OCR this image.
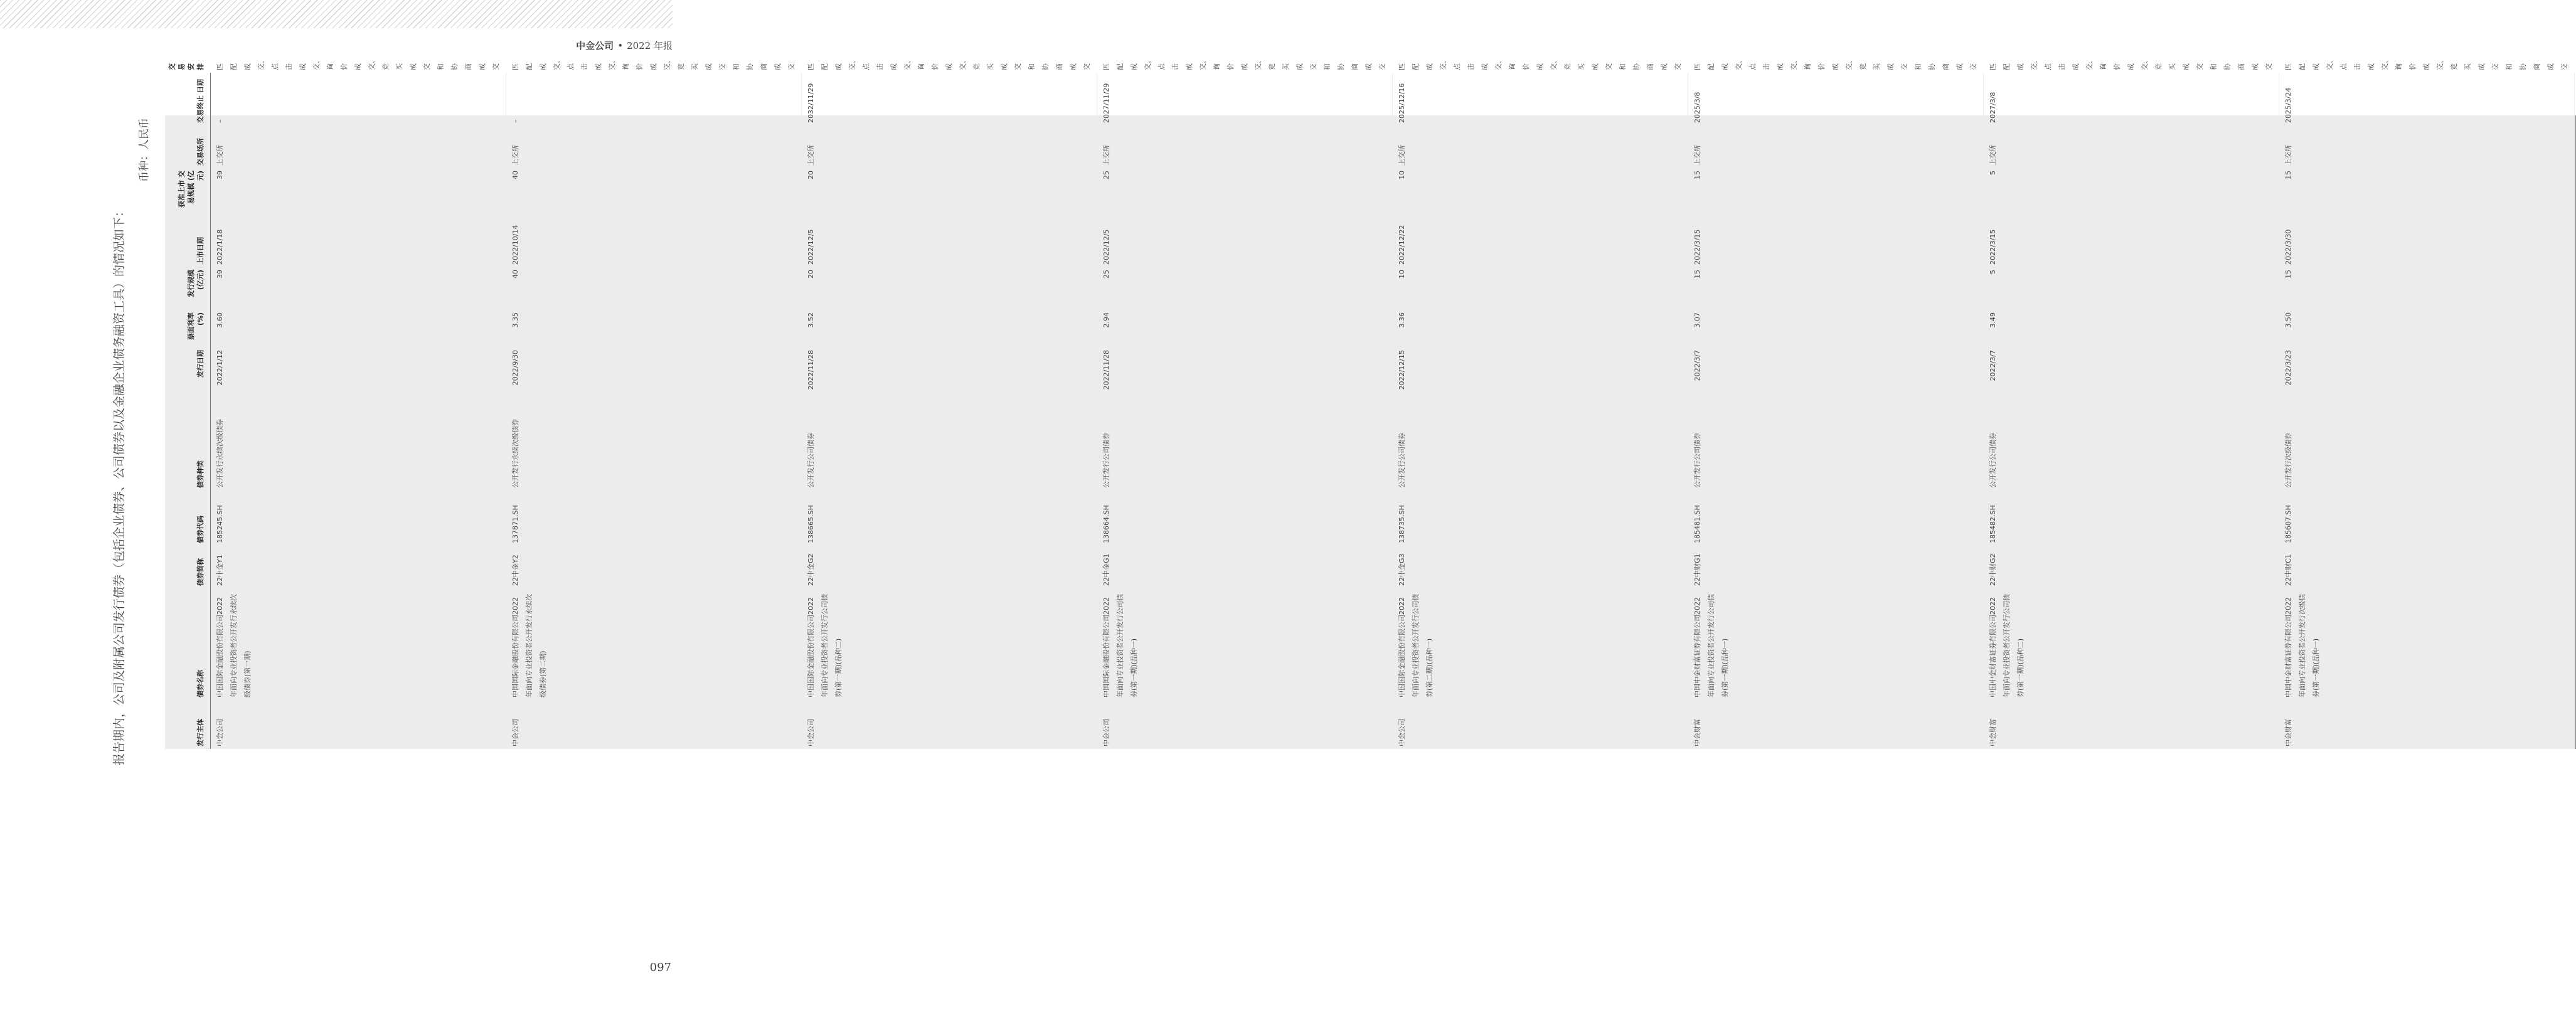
中金公司 • 2022 年报
097
报告期内，公司及附属公司发行债券（包括企业债券、公司债券以及金融企业债务融资工具）的情况如下：
币种：人民币
发行主体	债券名称	债券简称	债券代码	债券种类	发行日期	票面利率 (%)	发行规模 (亿元)	上市日期	获准上市 交易规模 (亿元)	交易场所	交易终止 日期	交易安排
中金公司	中国国际金融股份有限公司2022年面向专业投资者公开发行永续次级债券(第一期)	22中金Y1	185245.SH	公开发行永续次级债券	2022/1/12	3.60	39	2022/1/18	39	上交所	–	匹配成交、点击成交、询价成交、竞买成交和协商成交
中金公司	中国国际金融股份有限公司2022年面向专业投资者公开发行永续次级债券(第二期)	22中金Y2	137871.SH	公开发行永续次级债券	2022/9/30	3.35	40	2022/10/14	40	上交所	–	匹配成交、点击成交、询价成交、竞买成交和协商成交
中金公司	中国国际金融股份有限公司2022年面向专业投资者公开发行公司债券(第一期)(品种二)	22中金G2	138665.SH	公开发行公司债券	2022/11/28	3.52	20	2022/12/5	20	上交所	2032/11/29	匹配成交、点击成交、询价成交、竞买成交和协商成交
中金公司	中国国际金融股份有限公司2022年面向专业投资者公开发行公司债券(第一期)(品种一)	22中金G1	138664.SH	公开发行公司债券	2022/11/28	2.94	25	2022/12/5	25	上交所	2027/11/29	匹配成交、点击成交、询价成交、竞买成交和协商成交
中金公司	中国国际金融股份有限公司2022年面向专业投资者公开发行公司债券(第二期)(品种一)	22中金G3	138735.SH	公开发行公司债券	2022/12/15	3.36	10	2022/12/22	10	上交所	2025/12/16	匹配成交、点击成交、询价成交、竞买成交和协商成交
中金财富	中国中金财富证券有限公司2022年面向专业投资者公开发行公司债券(第一期)(品种一)	22中财G1	185481.SH	公开发行公司债券	2022/3/7	3.07	15	2022/3/15	15	上交所	2025/3/8	匹配成交、点击成交、询价成交、竞买成交和协商成交
中金财富	中国中金财富证券有限公司2022年面向专业投资者公开发行公司债券(第一期)(品种二)	22中财G2	185482.SH	公开发行公司债券	2022/3/7	3.49	5	2022/3/15	5	上交所	2027/3/8	匹配成交、点击成交、询价成交、竞买成交和协商成交
中金财富	中国中金财富证券有限公司2022年面向专业投资者公开发行次级债券(第一期)(品种一)	22中财C1	185607.SH	公开发行次级债券	2022/3/23	3.50	15	2022/3/30	15	上交所	2025/3/24	匹配成交、点击成交、询价成交、竞买成交和协商成交
